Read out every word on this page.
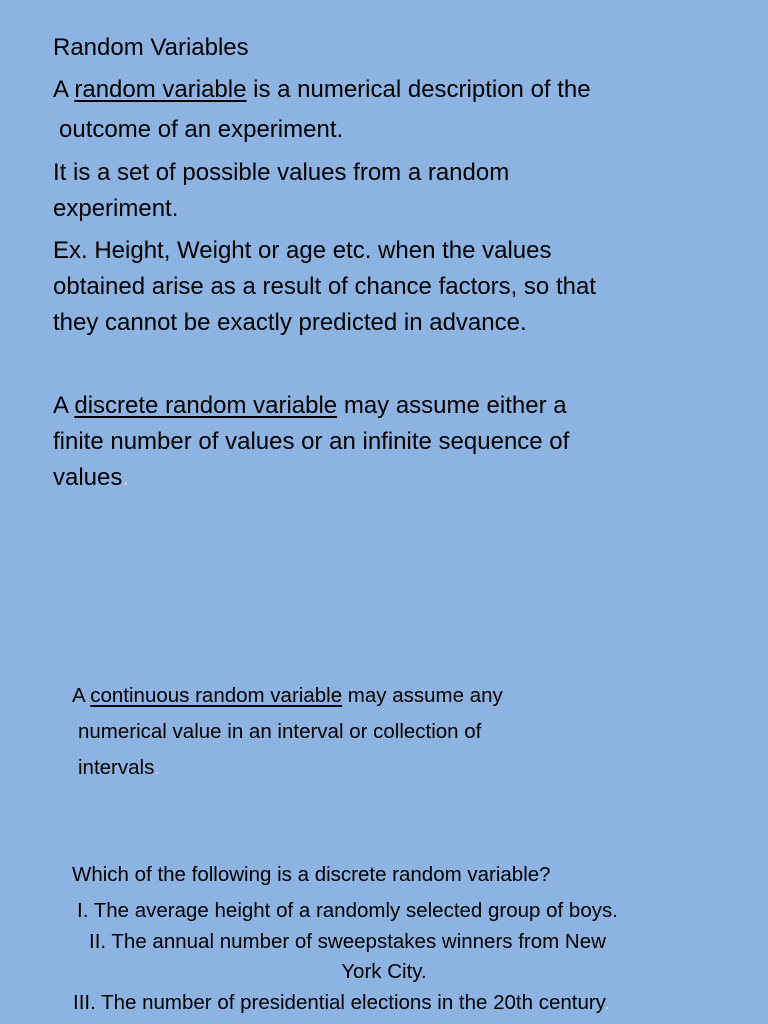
Random Variables

A random variable is a numerical description of the

outcome of an experiment.

It is a set of possible values from a random

experiment.

Ex. Height, Weight or age etc. when the values

obtained arise as a result of chance factors, so that

they cannot be exactly predicted in advance.

A discrete random variable may assume either a

finite number of values or an infinite sequence of

values.

A continuous random variable may assume any

numerical value in an interval or collection of

intervals.

Which of the following is a discrete random variable?

I. The average height of a randomly selected group of boys.

II. The annual number of sweepstakes winners from New

York City.

III. The number of presidential elections in the 20th century.
